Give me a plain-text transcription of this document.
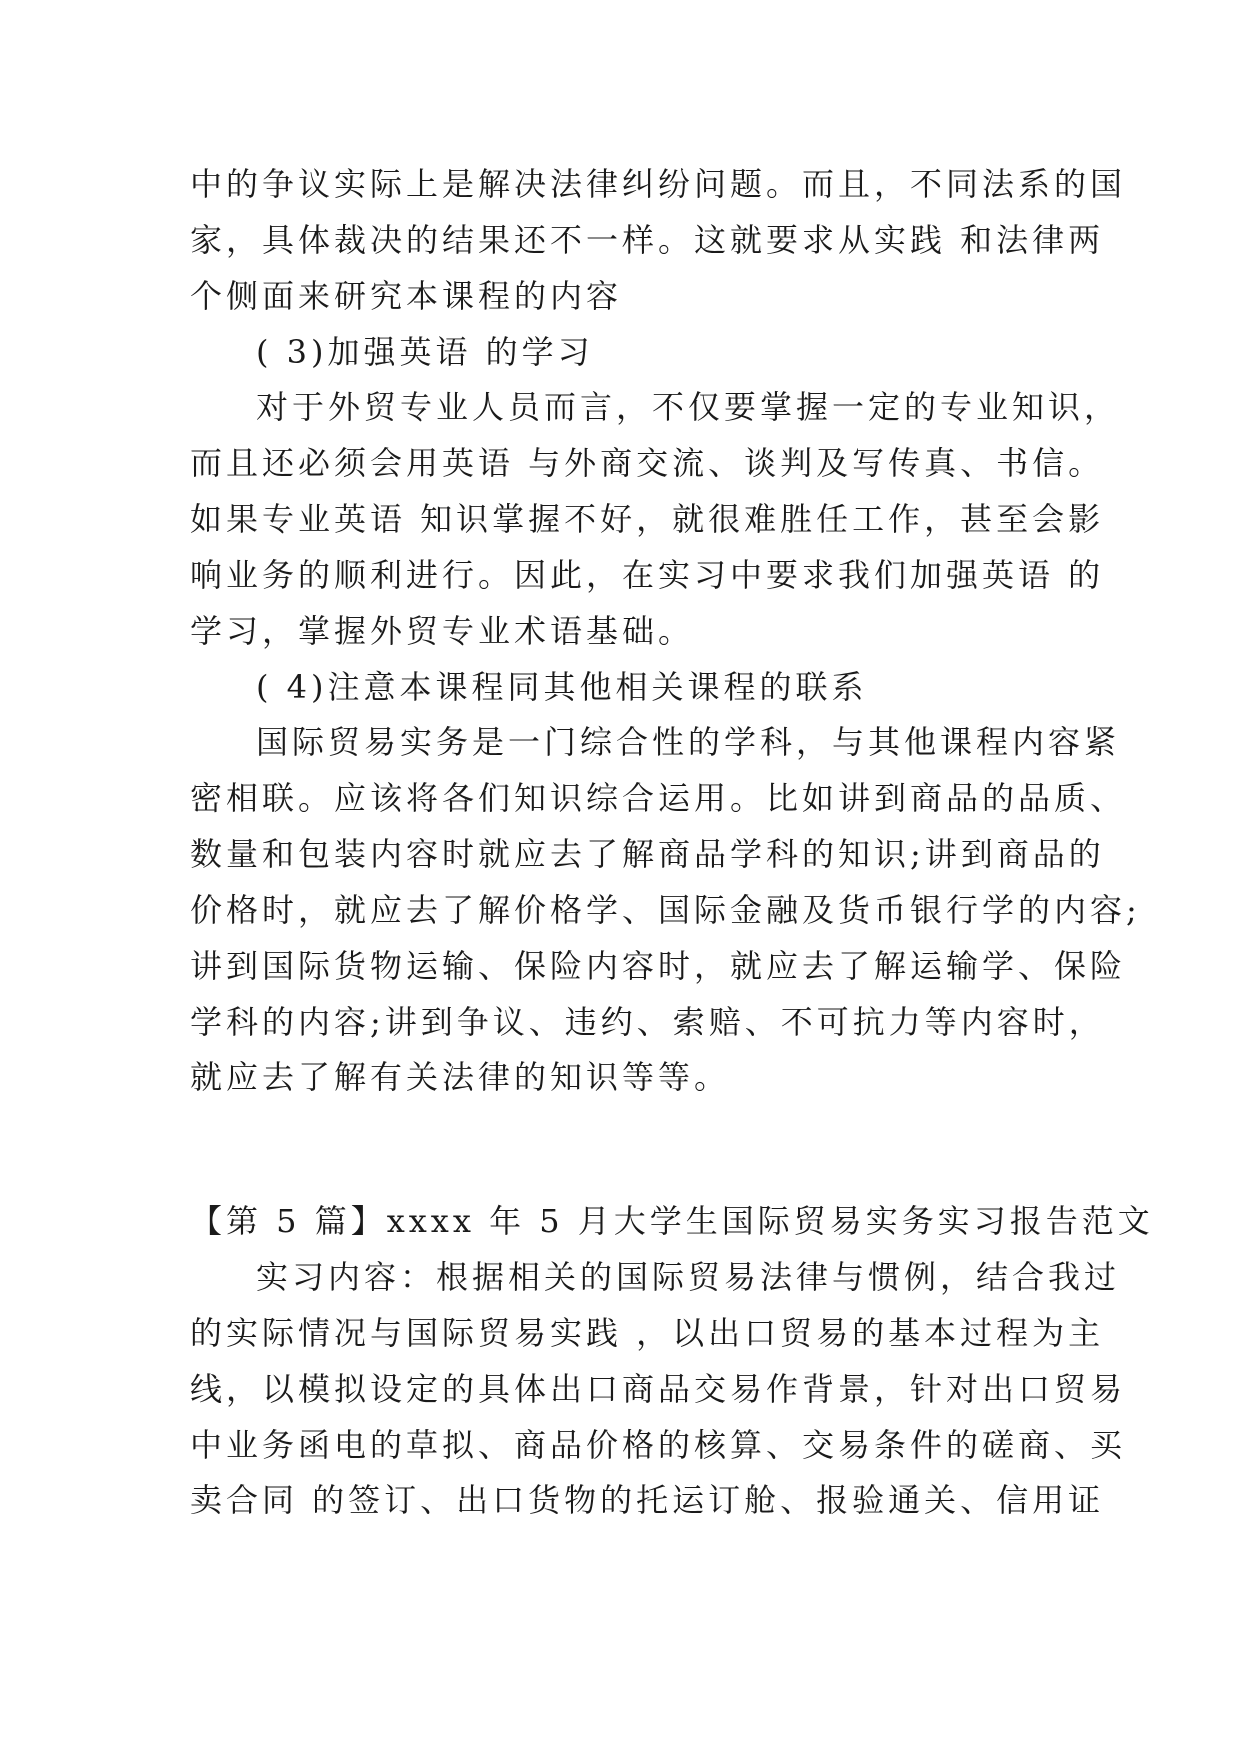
中的争议实际上是解决法律纠纷问题。而且，不同法系的国
家，具体裁决的结果还不一样。这就要求从实践 和法律两
个侧面来研究本课程的内容
( 3)加强英语 的学习
对于外贸专业人员而言，不仅要掌握一定的专业知识，
而且还必须会用英语 与外商交流、谈判及写传真、书信。
如果专业英语 知识掌握不好，就很难胜任工作，甚至会影
响业务的顺利进行。因此，在实习中要求我们加强英语 的
学习，掌握外贸专业术语基础。
( 4)注意本课程同其他相关课程的联系
国际贸易实务是一门综合性的学科，与其他课程内容紧
密相联。应该将各们知识综合运用。比如讲到商品的品质、
数量和包装内容时就应去了解商品学科的知识;讲到商品的
价格时，就应去了解价格学、国际金融及货币银行学的内容;
讲到国际货物运输、保险内容时，就应去了解运输学、保险
学科的内容;讲到争议、违约、索赔、不可抗力等内容时，
就应去了解有关法律的知识等等。
【第 5 篇】xxxx 年 5 月大学生国际贸易实务实习报告范文
实习内容：根据相关的国际贸易法律与惯例，结合我过
的实际情况与国际贸易实践 ，以出口贸易的基本过程为主
线，以模拟设定的具体出口商品交易作背景，针对出口贸易
中业务函电的草拟、商品价格的核算、交易条件的磋商、买
卖合同 的签订、出口货物的托运订舱、报验通关、信用证
